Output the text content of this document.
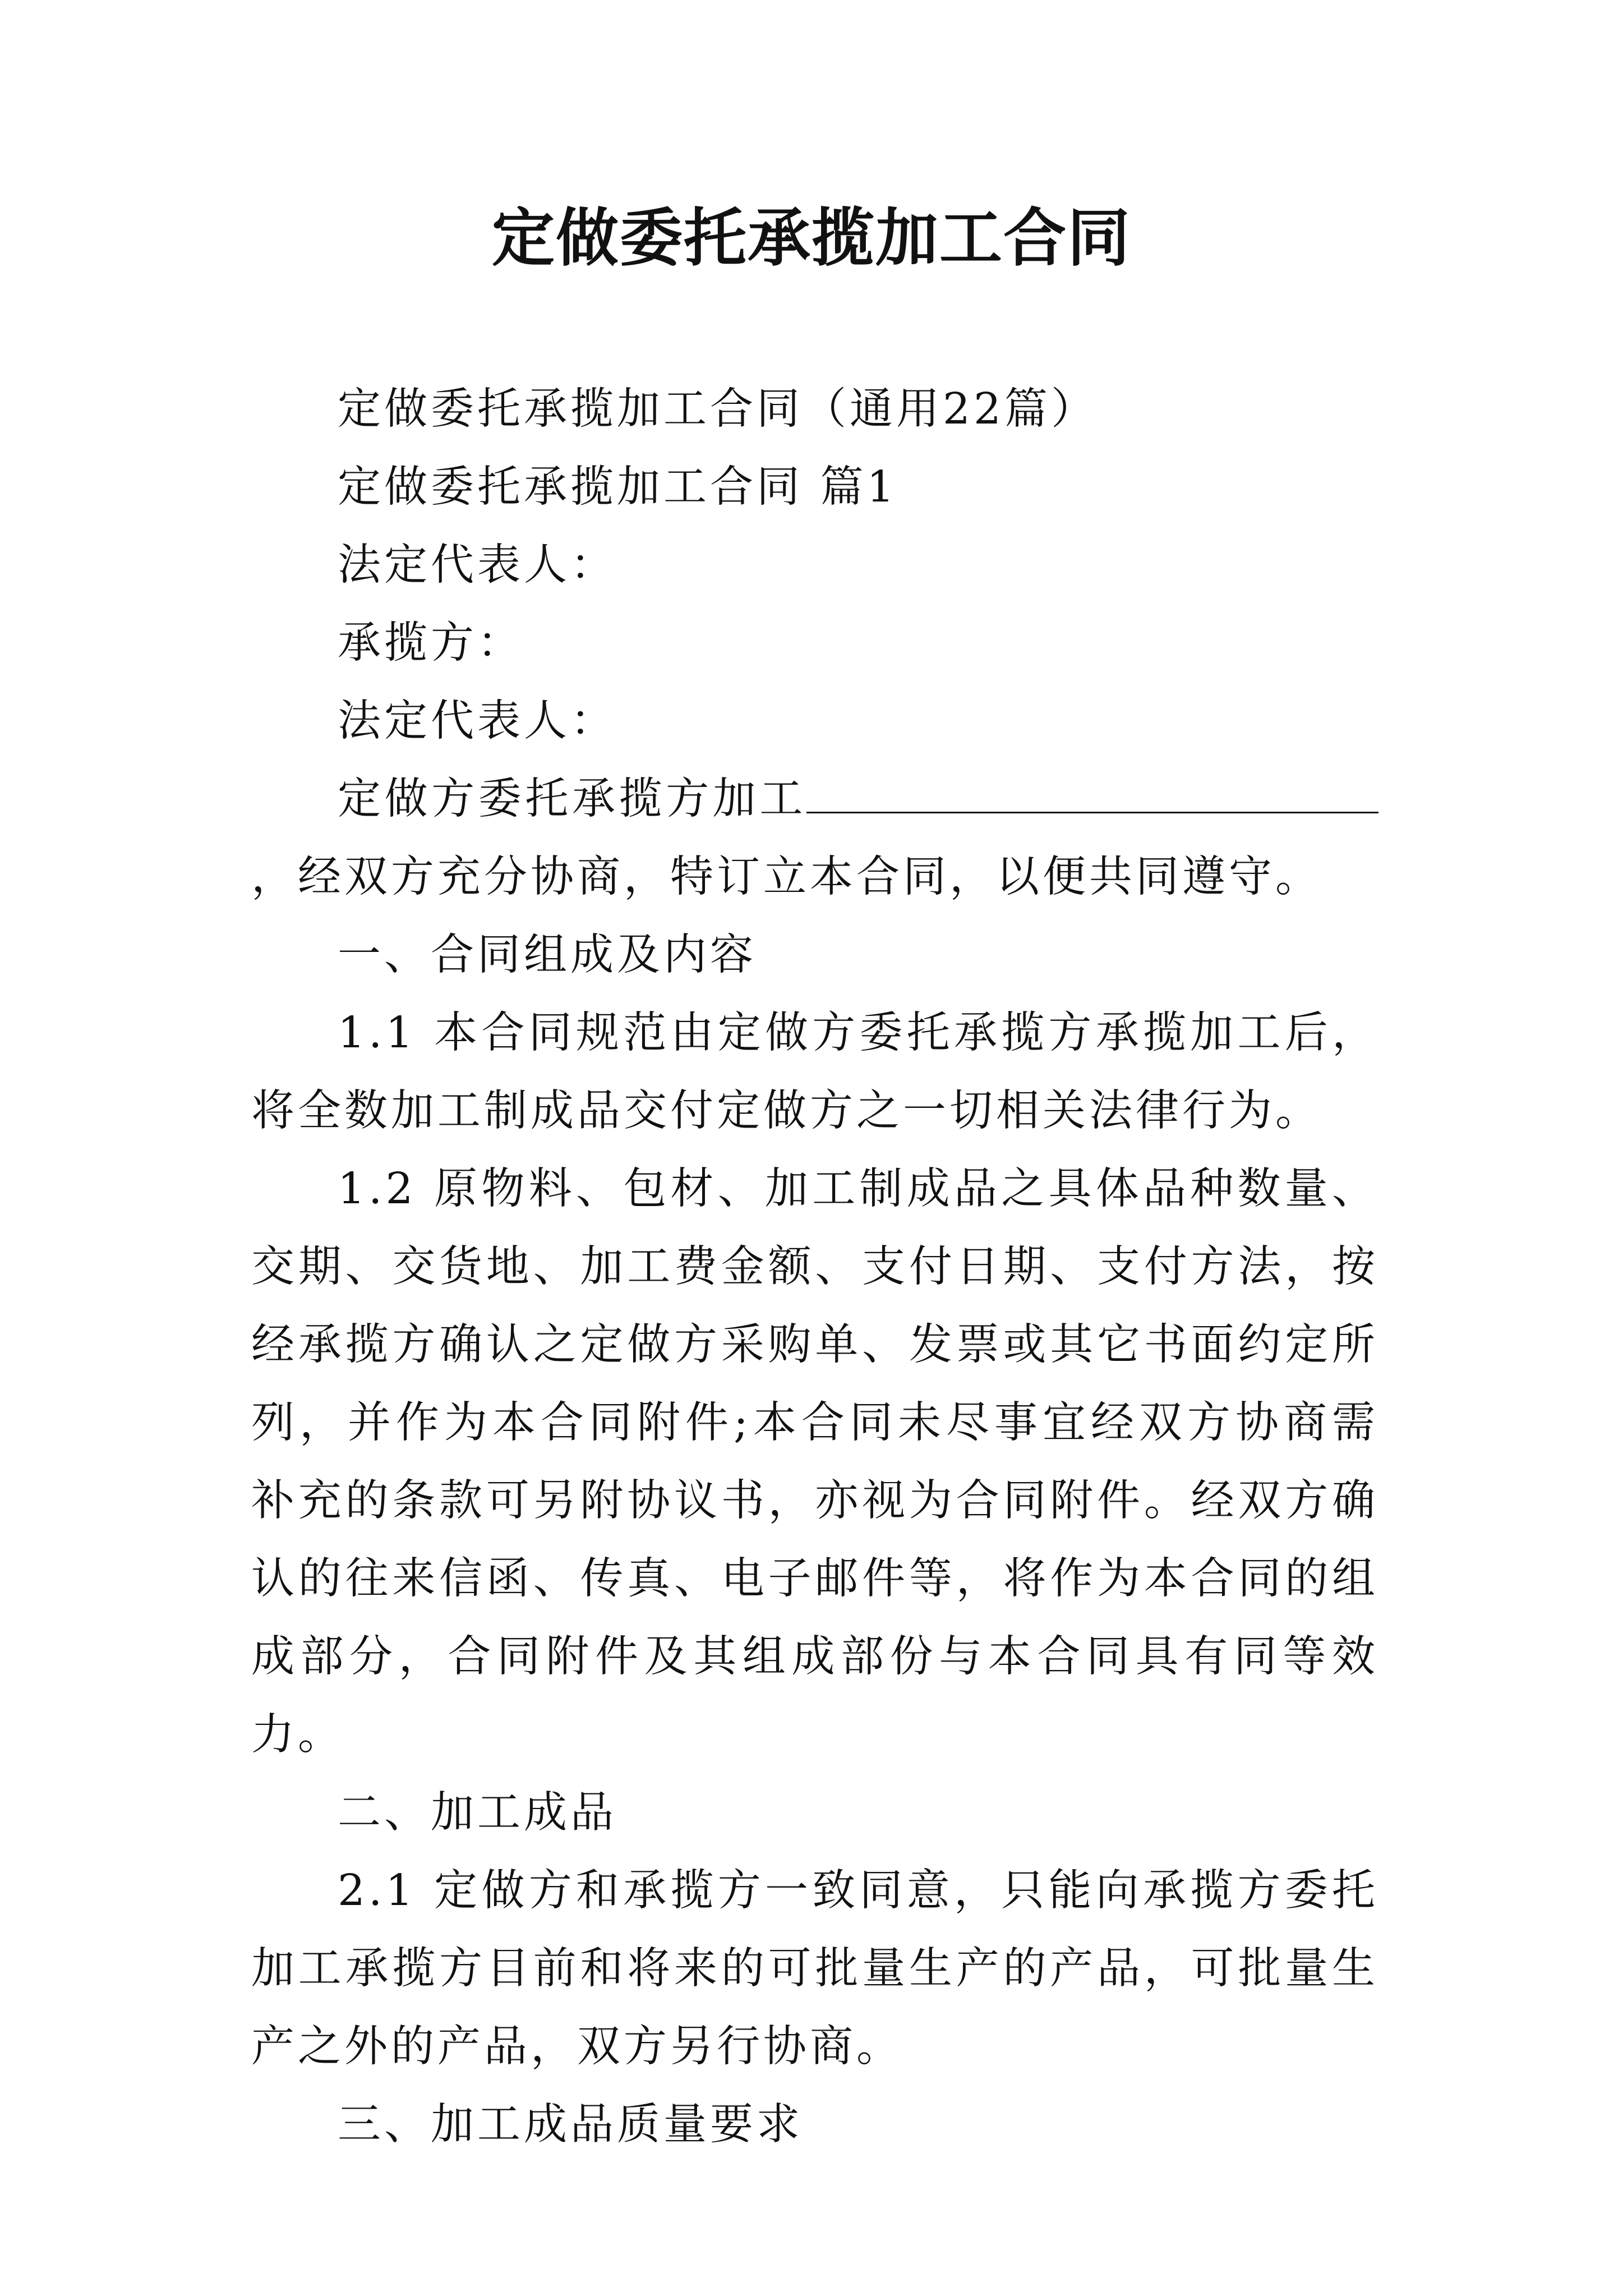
定做委托承揽加工合同

定做委托承揽加工合同（通用22篇）

定做委托承揽加工合同 篇1

法定代表人：

承揽方：

法定代表人：

定做方委托承揽方加工，经双方充分协商，特订立本合同，以便共同遵守。

一、合同组成及内容

1.1 本合同规范由定做方委托承揽方承揽加工后，将全数加工制成品交付定做方之一切相关法律行为。

1.2 原物料、包材、加工制成品之具体品种数量、交期、交货地、加工费金额、支付日期、支付方法，按经承揽方确认之定做方采购单、发票或其它书面约定所列，并作为本合同附件;本合同未尽事宜经双方协商需补充的条款可另附协议书，亦视为合同附件。经双方确认的往来信函、传真、电子邮件等，将作为本合同的组成部分，合同附件及其组成部份与本合同具有同等效力。

二、加工成品

2.1 定做方和承揽方一致同意，只能向承揽方委托加工承揽方目前和将来的可批量生产的产品，可批量生产之外的产品，双方另行协商。

三、加工成品质量要求
